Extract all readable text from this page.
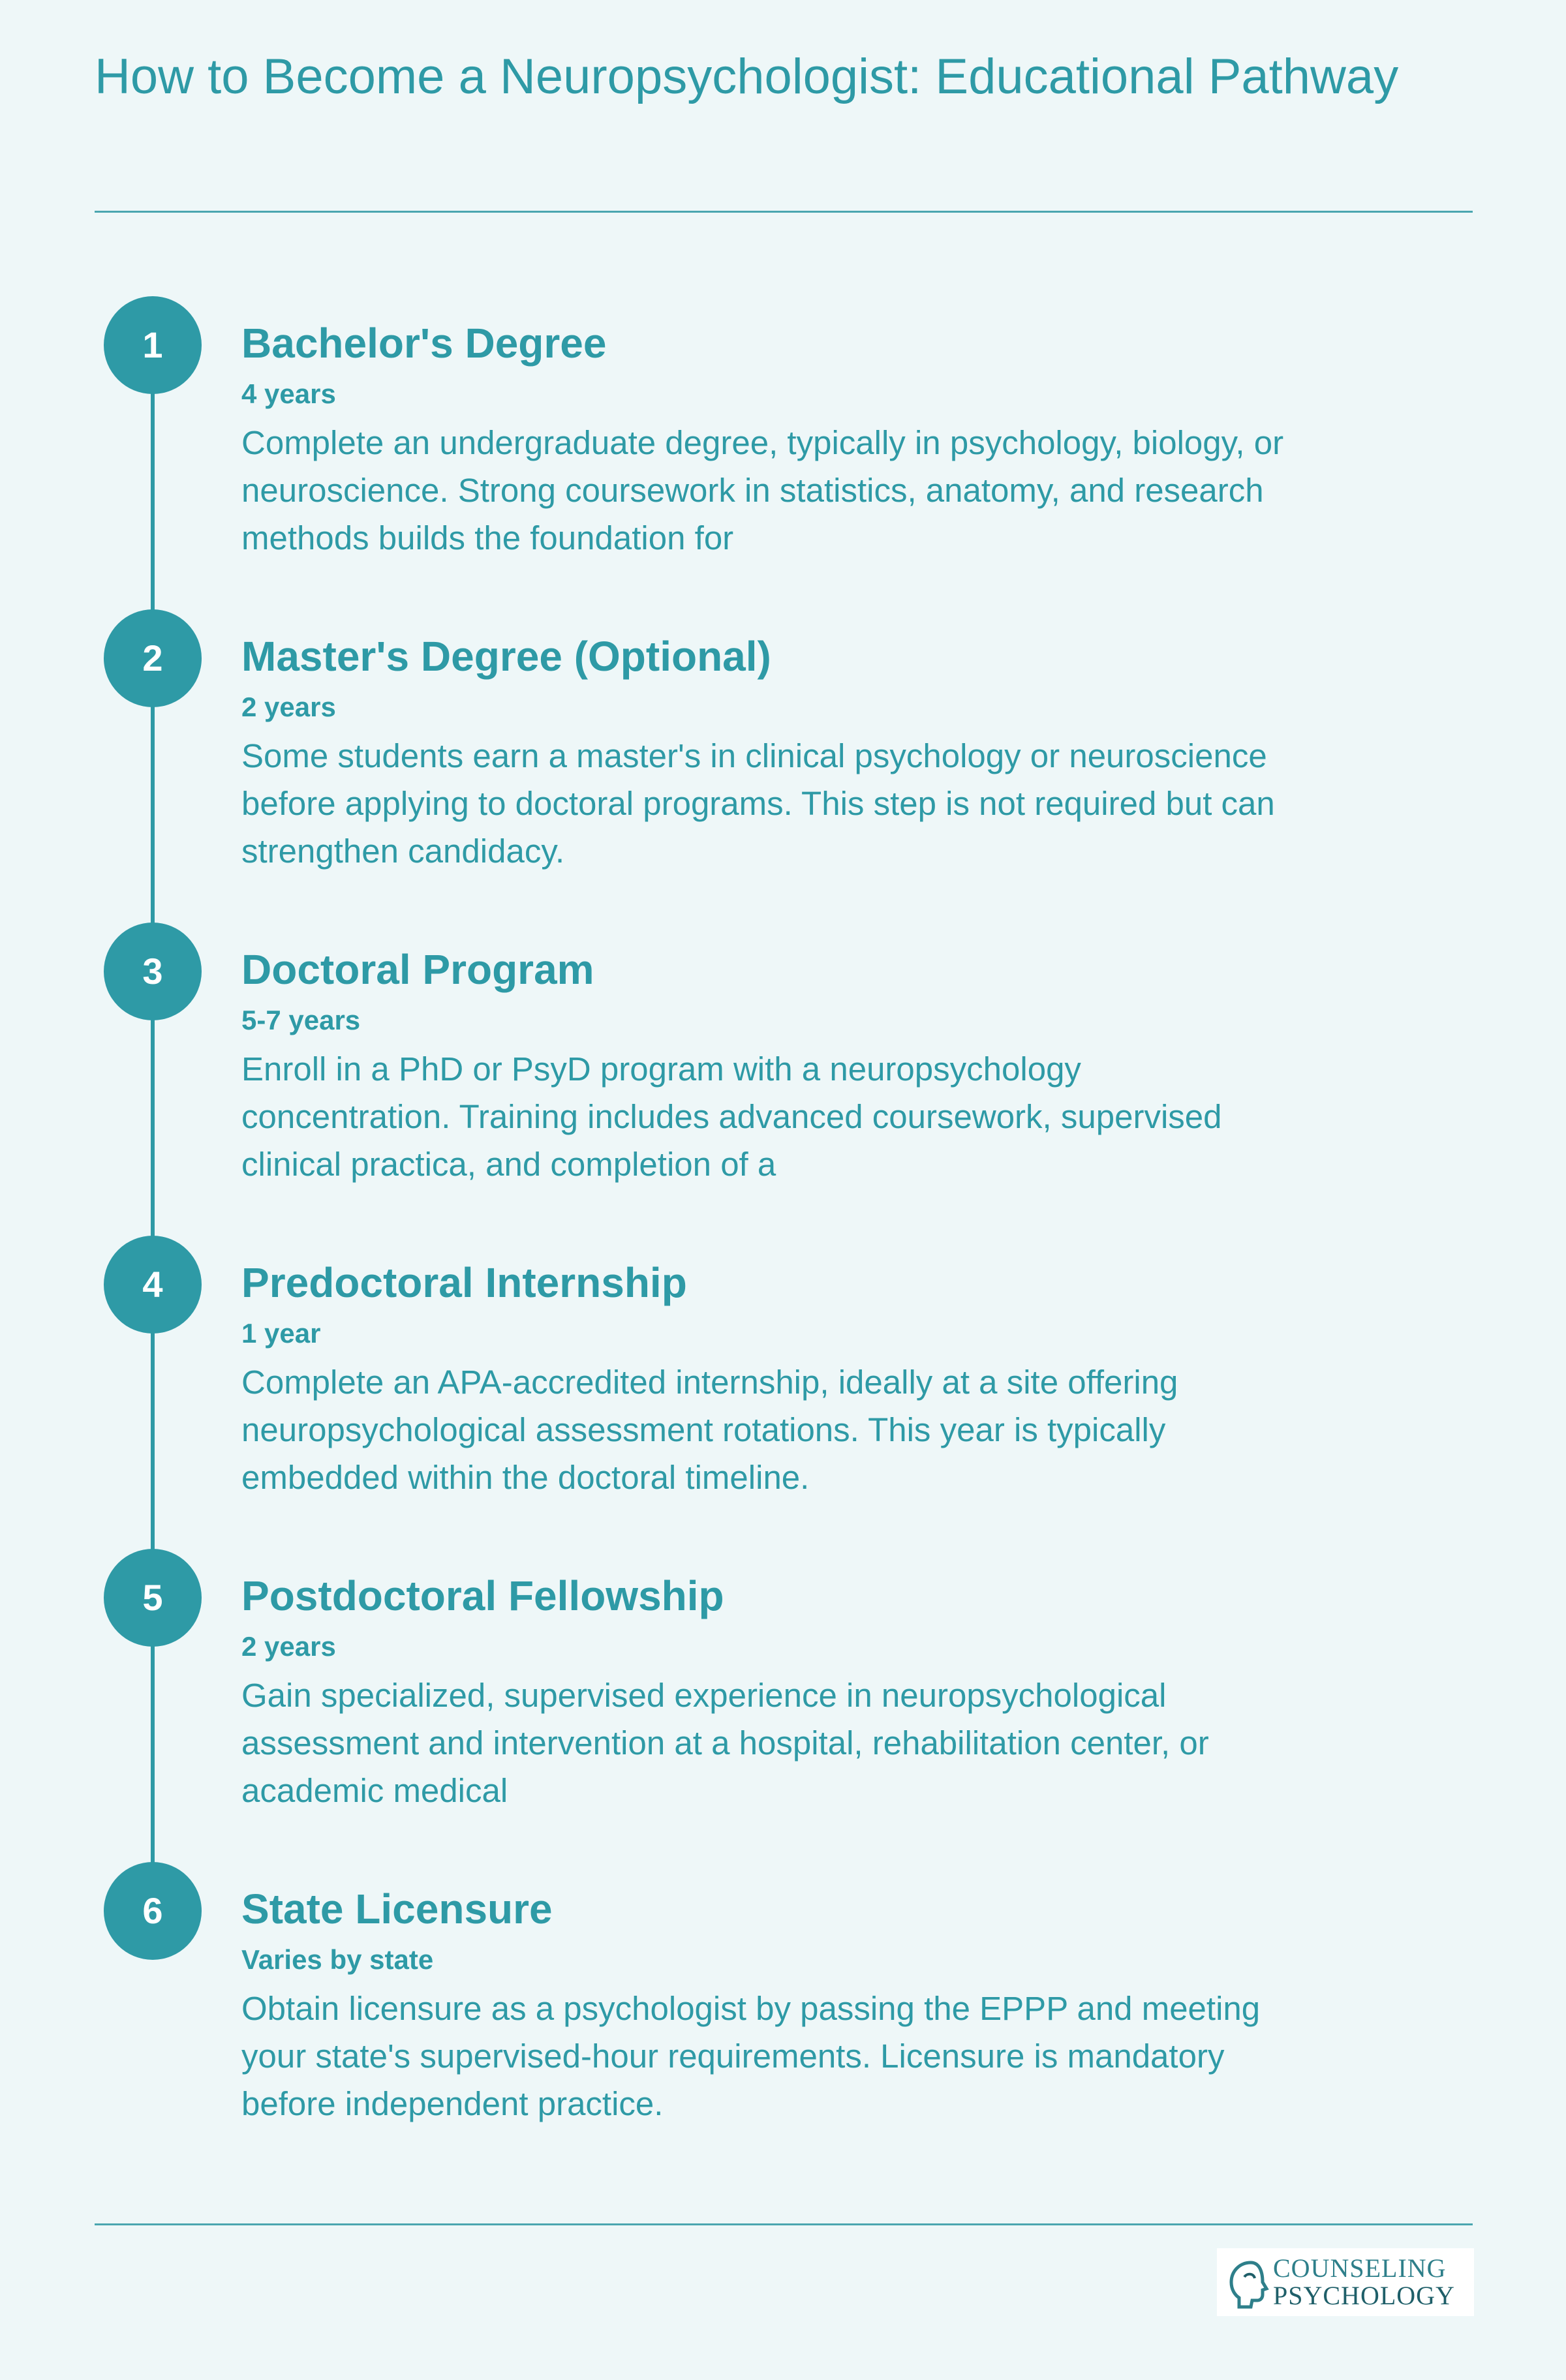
How to Become a Neuropsychologist: Educational Pathway
1	Bachelor's Degree
4 years
Complete an undergraduate degree, typically in psychology, biology, or neuroscience. Strong coursework in statistics, anatomy, and research methods builds the foundation for
2	Master's Degree (Optional)
2 years
Some students earn a master's in clinical psychology or neuroscience before applying to doctoral programs. This step is not required but can strengthen candidacy.
3	Doctoral Program
5-7 years
Enroll in a PhD or PsyD program with a neuropsychology concentration. Training includes advanced coursework, supervised clinical practica, and completion of a
4	Predoctoral Internship
1 year
Complete an APA-accredited internship, ideally at a site offering neuropsychological assessment rotations. This year is typically embedded within the doctoral timeline.
5	Postdoctoral Fellowship
2 years
Gain specialized, supervised experience in neuropsychological assessment and intervention at a hospital, rehabilitation center, or academic medical
6	State Licensure
Varies by state
Obtain licensure as a psychologist by passing the EPPP and meeting your state's supervised-hour requirements. Licensure is mandatory before independent practice.
COUNSELING
PSYCHOLOGY
